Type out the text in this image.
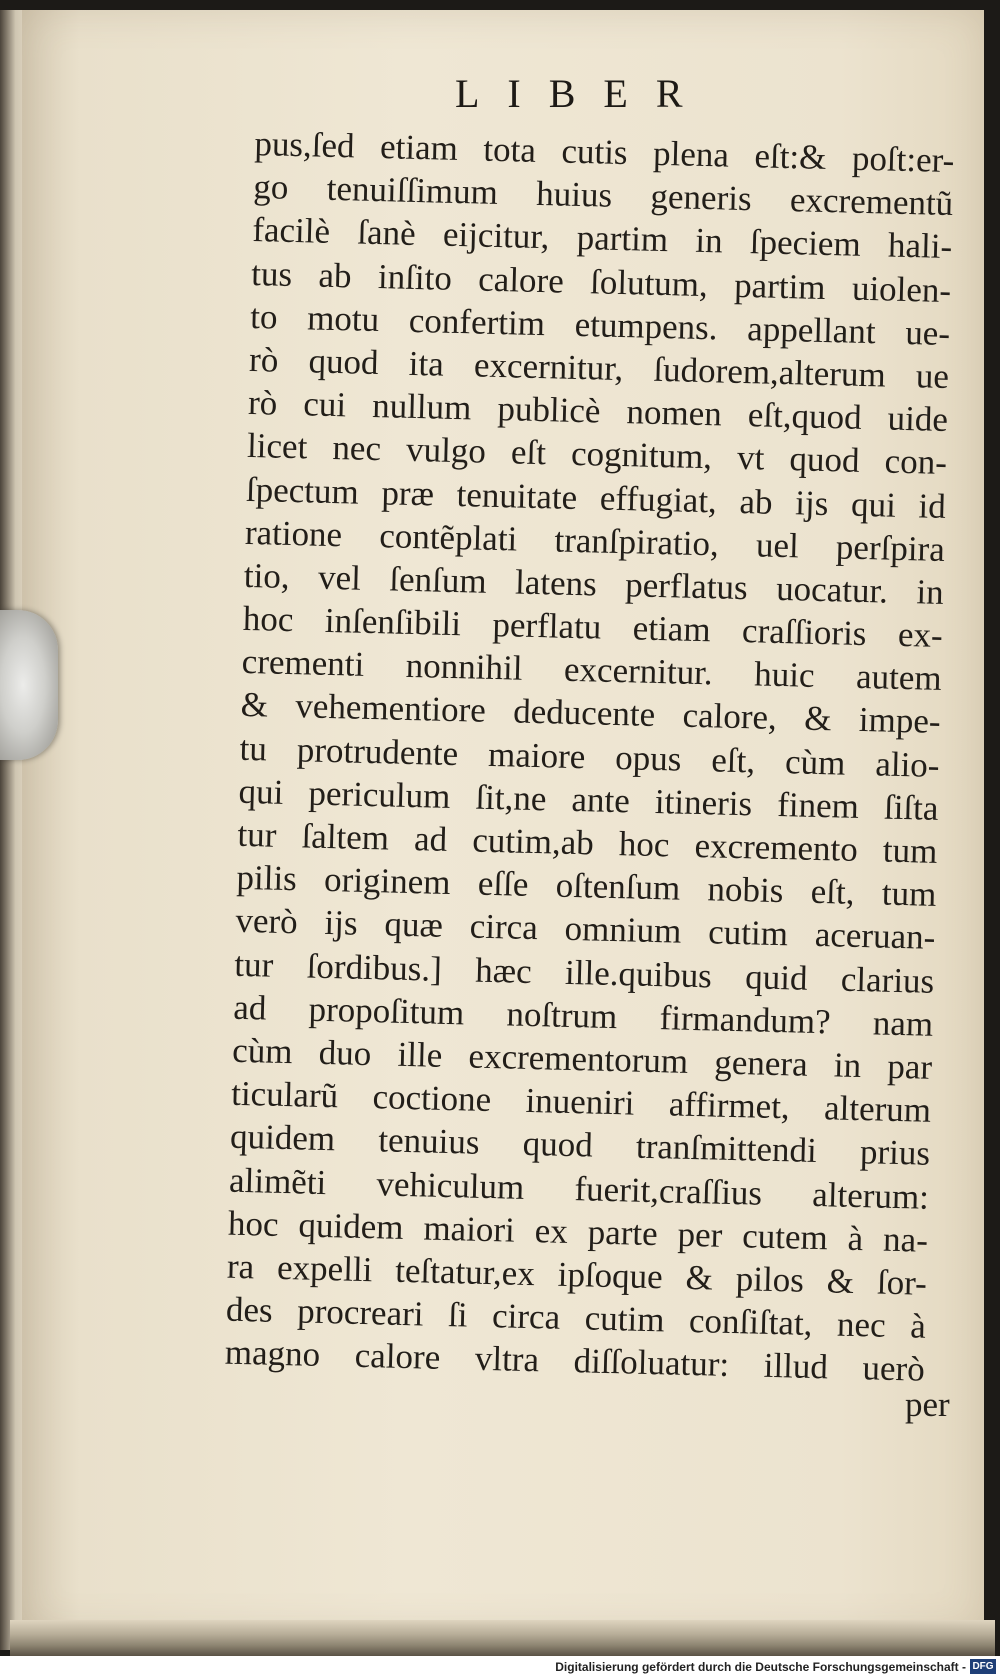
LIBER
pus,ſed etiam tota cutis plena eſt:& poſt:er-
go tenuiſſimum huius generis excrementũ
facilè ſanè eijcitur, partim in ſpeciem hali-
tus ab inſito calore ſolutum, partim uiolen-
to motu confertim etumpens. appellant ue-
rò quod ita excernitur, ſudorem,alterum ue
rò cui nullum publicè nomen eſt,quod uide
licet nec vulgo eſt cognitum, vt quod con-
ſpectum præ tenuitate effugiat, ab ijs qui id
ratione contẽplati tranſpiratio, uel perſpira
tio, vel ſenſum latens perflatus uocatur. in
hoc inſenſibili perflatu etiam craſſioris ex-
crementi nonnihil excernitur. huic autem
& vehementiore deducente calore, & impe-
tu protrudente maiore opus eſt, cùm alio-
qui periculum ſit,ne ante itineris finem ſiſta
tur ſaltem ad cutim,ab hoc excremento tum
pilis originem eſſe oſtenſum nobis eſt, tum
verò ijs quæ circa omnium cutim aceruan-
tur ſordibus.] hæc ille.quibus quid clarius
ad propoſitum noſtrum firmandum? nam
cùm duo ille excrementorum genera in par
ticularũ coctione inueniri affirmet, alterum
quidem tenuius quod tranſmittendi prius
alimẽti vehiculum fuerit,craſſius alterum:
hoc quidem maiori ex parte per cutem à na-
ra expelli teſtatur,ex ipſoque & pilos & ſor-
des procreari ſi circa cutim conſiſtat, nec à
magno calore vltra diſſoluatur: illud uerò
per
Digitalisierung gefördert durch die Deutsche Forschungsgemeinschaft - DFG
